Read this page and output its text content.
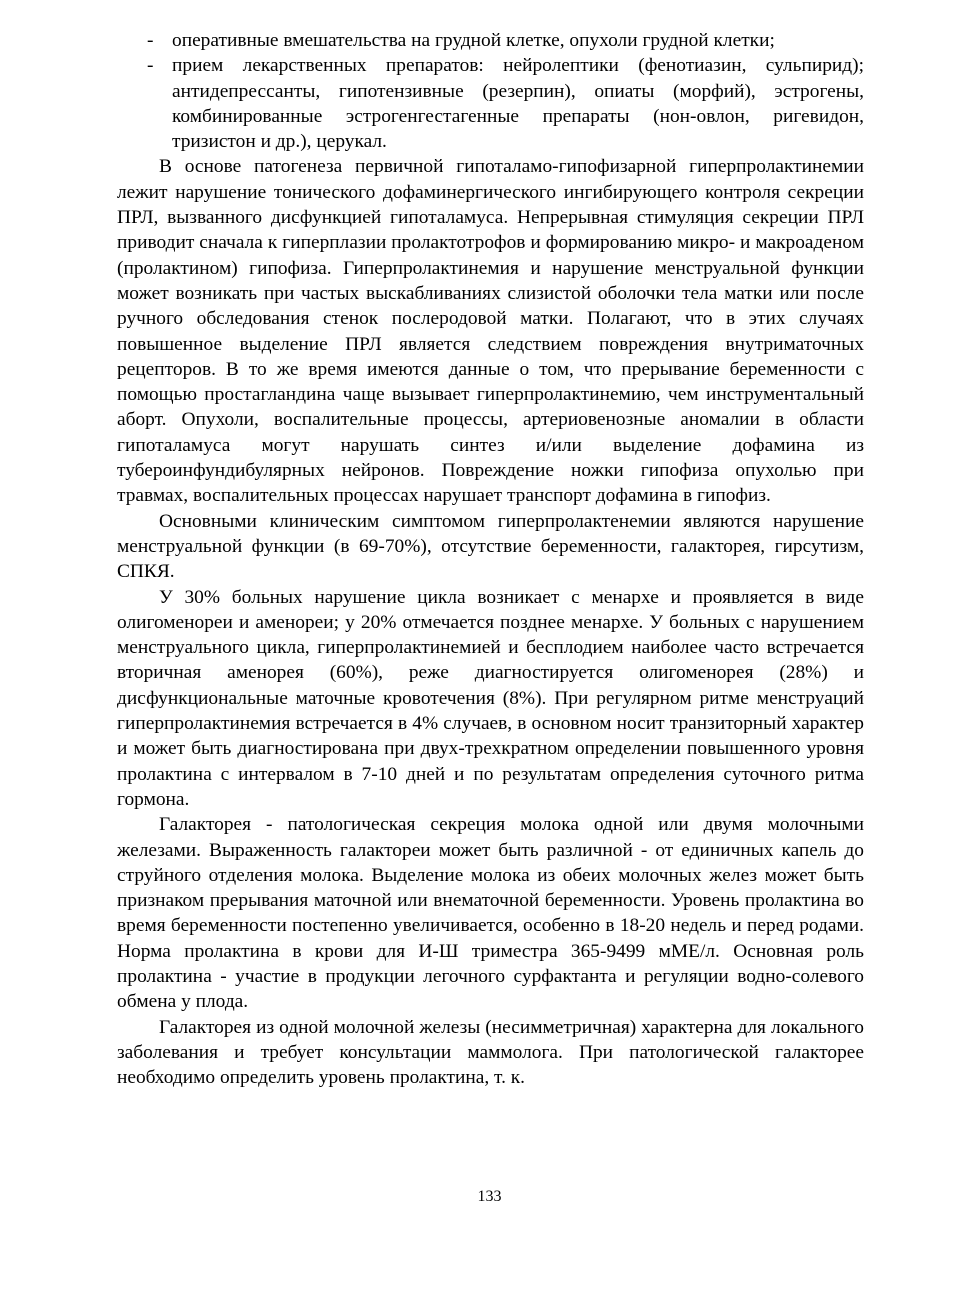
- оперативные вмешательства на грудной клетке, опухоли грудной клетки;
- прием лекарственных препаратов: нейролептики (фенотиазин, сульпирид); антидепрессанты, гипотензивные (резерпин), опиаты (морфий), эстрогены, комбинированные эстрогенгестагенные препараты (нон-овлон, ригевидон, тризистон и др.), церукал.

В основе патогенеза первичной гипоталамо-гипофизарной гиперпролактинемии лежит нарушение тонического дофаминергического ингибирующего контроля секреции ПРЛ, вызванного дисфункцией гипоталамуса. Непрерывная стимуляция секреции ПРЛ приводит сначала к гиперплазии пролактотрофов и формированию микро- и макроаденом (пролактином) гипофиза. Гиперпролактинемия и нарушение менструальной функции может возникать при частых выскабливаниях слизистой оболочки тела матки или после ручного обследования стенок послеродовой матки. Полагают, что в этих случаях повышенное выделение ПРЛ является следствием повреждения внутриматочных рецепторов. В то же время имеются данные о том, что прерывание беременности с помощью простагландина чаще вызывает гиперпролактинемию, чем инструментальный аборт. Опухоли, воспалительные процессы, артериовенозные аномалии в области гипоталамуса могут нарушать синтез и/или выделение дофамина из тубероинфундибулярных нейронов. Повреждение ножки гипофиза опухолью при травмах, воспалительных процессах нарушает транспорт дофамина в гипофиз.

Основными клиническим симптомом гиперпролактенемии являются нарушение менструальной функции (в 69-70%), отсутствие беременности, галакторея, гирсутизм, СПКЯ.

У 30% больных нарушение цикла возникает с менархе и проявляется в виде олигоменореи и аменореи; у 20% отмечается позднее менархе. У больных с нарушением менструального цикла, гиперпролактинемией и бесплодием наиболее часто встречается вторичная аменорея (60%), реже диагностируется олигоменорея (28%) и дисфункциональные маточные кровотечения (8%). При регулярном ритме менструаций гиперпролактинемия встречается в 4% случаев, в основном носит транзиторный характер и может быть диагностирована при двух-трехкратном определении повышенного уровня пролактина с интервалом в 7-10 дней и по результатам определения суточного ритма гормона.

Галакторея - патологическая секреция молока одной или двумя молочными железами. Выраженность галактореи может быть различной - от единичных капель до струйного отделения молока. Выделение молока из обеих молочных желез может быть признаком прерывания маточной или внематочной беременности. Уровень пролактина во время беременности постепенно увеличивается, особенно в 18-20 недель и перед родами. Норма пролактина в крови для И-Ш триместра 365-9499 мМЕ/л. Основная роль пролактина - участие в продукции легочного сурфактанта и регуляции водно-солевого обмена у плода.

Галакторея из одной молочной железы (несимметричная) характерна для локального заболевания и требует консультации маммолога. При патологической галакторее необходимо определить уровень пролактина, т. к.

133
